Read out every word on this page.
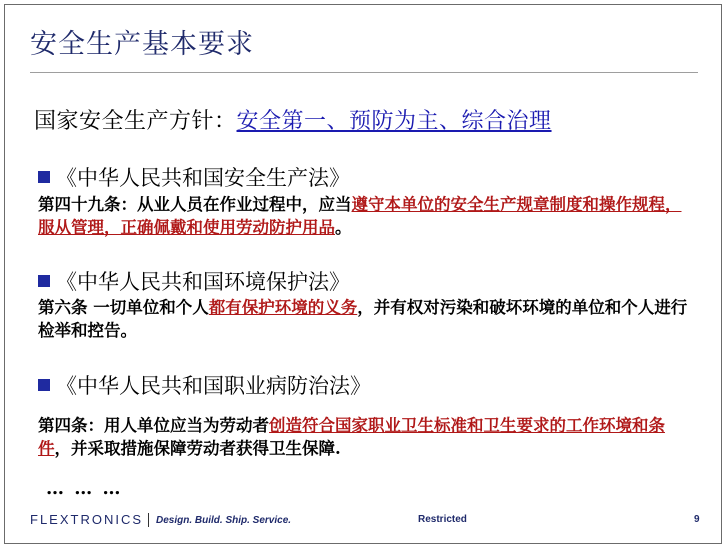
安全生产基本要求
国家安全生产方针：安全第一、预防为主、综合治理
《中华人民共和国安全生产法》
第四十九条：从业人员在作业过程中，应当遵守本单位的安全生产规章制度和操作规程，服从管理，正确佩戴和使用劳动防护用品。
《中华人民共和国环境保护法》
第六条 一切单位和个人都有保护环境的义务，并有权对污染和破坏环境的单位和个人进行检举和控告。
《中华人民共和国职业病防治法》
第四条：用人单位应当为劳动者创造符合国家职业卫生标准和卫生要求的工作环境和条件，并采取措施保障劳动者获得卫生保障.
… … …
FLEXTRONICS Design. Build. Ship. Service.	Restricted	9
